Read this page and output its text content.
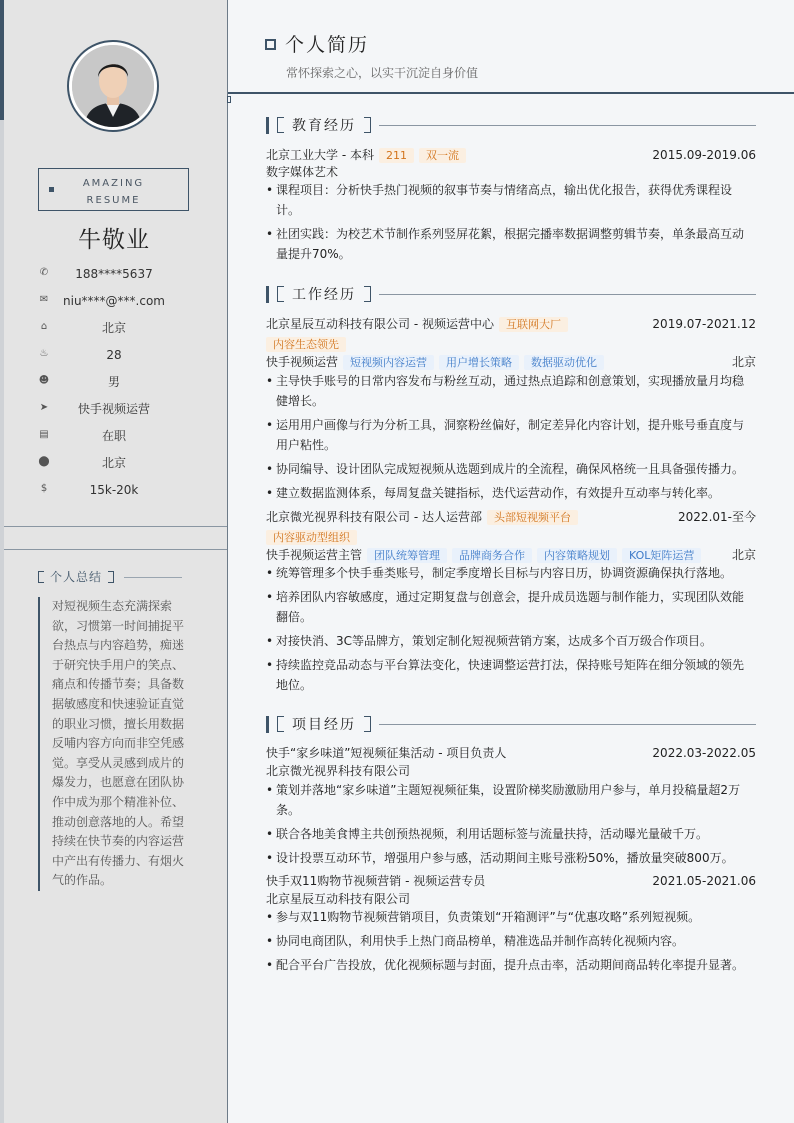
AMAZING
RESUME
牛敬业
✆ 188****5637
✉ niu****@***.com
⌂	北京
♨	28
☻	男
➤ 快手视频运营
▤	在职
⬤	北京
$	15k-20k
个人总结
对短视频生态充满探索欲，习惯第一时间捕捉平台热点与内容趋势，痴迷于研究快手用户的笑点、痛点和传播节奏；具备数据敏感度和快速验证直觉的职业习惯，擅长用数据反哺内容方向而非空凭感觉。享受从灵感到成片的爆发力，也愿意在团队协作中成为那个精准补位、推动创意落地的人。希望持续在快节奏的内容运营中产出有传播力、有烟火气的作品。
个人简历
常怀探索之心，以实干沉淀自身价值
教育经历
北京工业大学 - 本科 211 双一流	2015.09-2019.06
数字媒体艺术
• 课程项目：分析快手热门视频的叙事节奏与情绪高点，输出优化报告，获得优秀课程设计。
• 社团实践：为校艺术节制作系列竖屏花絮，根据完播率数据调整剪辑节奏，单条最高互动量提升70%。
工作经历
北京星辰互动科技有限公司 - 视频运营中心 互联网大厂	2019.07-2021.12
内容生态领先
快手视频运营 短视频内容运营 用户增长策略 数据驱动优化	北京
• 主导快手账号的日常内容发布与粉丝互动，通过热点追踪和创意策划，实现播放量月均稳健增长。
• 运用用户画像与行为分析工具，洞察粉丝偏好，制定差异化内容计划，提升账号垂直度与用户粘性。
• 协同编导、设计团队完成短视频从选题到成片的全流程，确保风格统一且具备强传播力。
• 建立数据监测体系，每周复盘关键指标，迭代运营动作，有效提升互动率与转化率。
北京微光视界科技有限公司 - 达人运营部 头部短视频平台	2022.01-至今
内容驱动型组织
快手视频运营主管 团队统筹管理 品牌商务合作 内容策略规划 KOL矩阵运营	北京
• 统筹管理多个快手垂类账号，制定季度增长目标与内容日历，协调资源确保执行落地。
• 培养团队内容敏感度，通过定期复盘与创意会，提升成员选题与制作能力，实现团队效能翻倍。
• 对接快消、3C等品牌方，策划定制化短视频营销方案，达成多个百万级合作项目。
• 持续监控竞品动态与平台算法变化，快速调整运营打法，保持账号矩阵在细分领域的领先地位。
项目经历
快手“家乡味道”短视频征集活动 - 项目负责人	2022.03-2022.05
北京微光视界科技有限公司
• 策划并落地“家乡味道”主题短视频征集，设置阶梯奖励激励用户参与，单月投稿量超2万条。
• 联合各地美食博主共创预热视频，利用话题标签与流量扶持，活动曝光量破千万。
• 设计投票互动环节，增强用户参与感，活动期间主账号涨粉50%，播放量突破800万。
快手双11购物节视频营销 - 视频运营专员	2021.05-2021.06
北京星辰互动科技有限公司
• 参与双11购物节视频营销项目，负责策划“开箱测评”与“优惠攻略”系列短视频。
• 协同电商团队，利用快手上热门商品榜单，精准选品并制作高转化视频内容。
• 配合平台广告投放，优化视频标题与封面，提升点击率，活动期间商品转化率提升显著。
